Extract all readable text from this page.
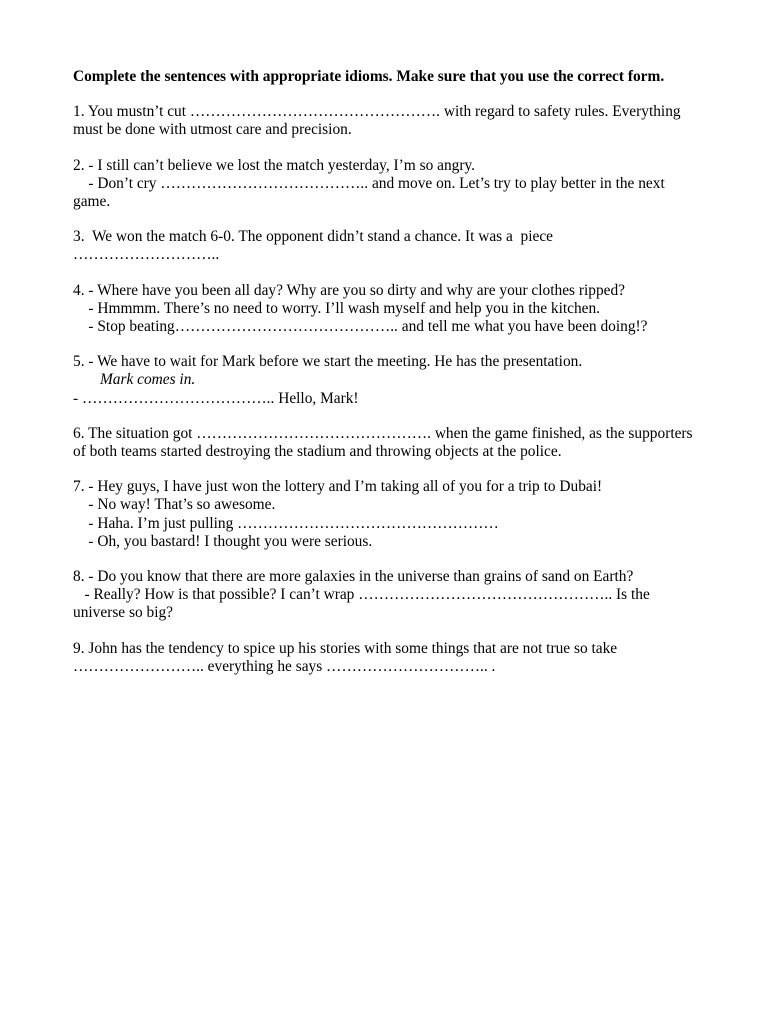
Complete the sentences with appropriate idioms. Make sure that you use the correct form.
1. You mustn’t cut …………………………………………. with regard to safety rules. Everything must be done with utmost care and precision.
2. - I still can’t believe we lost the match yesterday, I’m so angry.
- Don’t cry ………………………………….. and move on. Let’s try to play better in the next game.
3.  We won the match 6-0. The opponent didn’t stand a chance. It was a  piece ………………………..
4. - Where have you been all day? Why are you so dirty and why are your clothes ripped?
- Hmmmm. There’s no need to worry. I’ll wash myself and help you in the kitchen.
- Stop beating…………………………………….. and tell me what you have been doing!?
5. - We have to wait for Mark before we start the meeting. He has the presentation.
Mark comes in.
- ……………………………….. Hello, Mark!
6. The situation got ………………………………………. when the game finished, as the supporters of both teams started destroying the stadium and throwing objects at the police.
7. - Hey guys, I have just won the lottery and I’m taking all of you for a trip to Dubai!
- No way! That’s so awesome.
- Haha. I’m just pulling ……………………………………………
- Oh, you bastard! I thought you were serious.
8. - Do you know that there are more galaxies in the universe than grains of sand on Earth?
- Really? How is that possible? I can’t wrap ………………………………………….. Is the universe so big?
9. John has the tendency to spice up his stories with some things that are not true so take …………………….. everything he says ………………………….. .
